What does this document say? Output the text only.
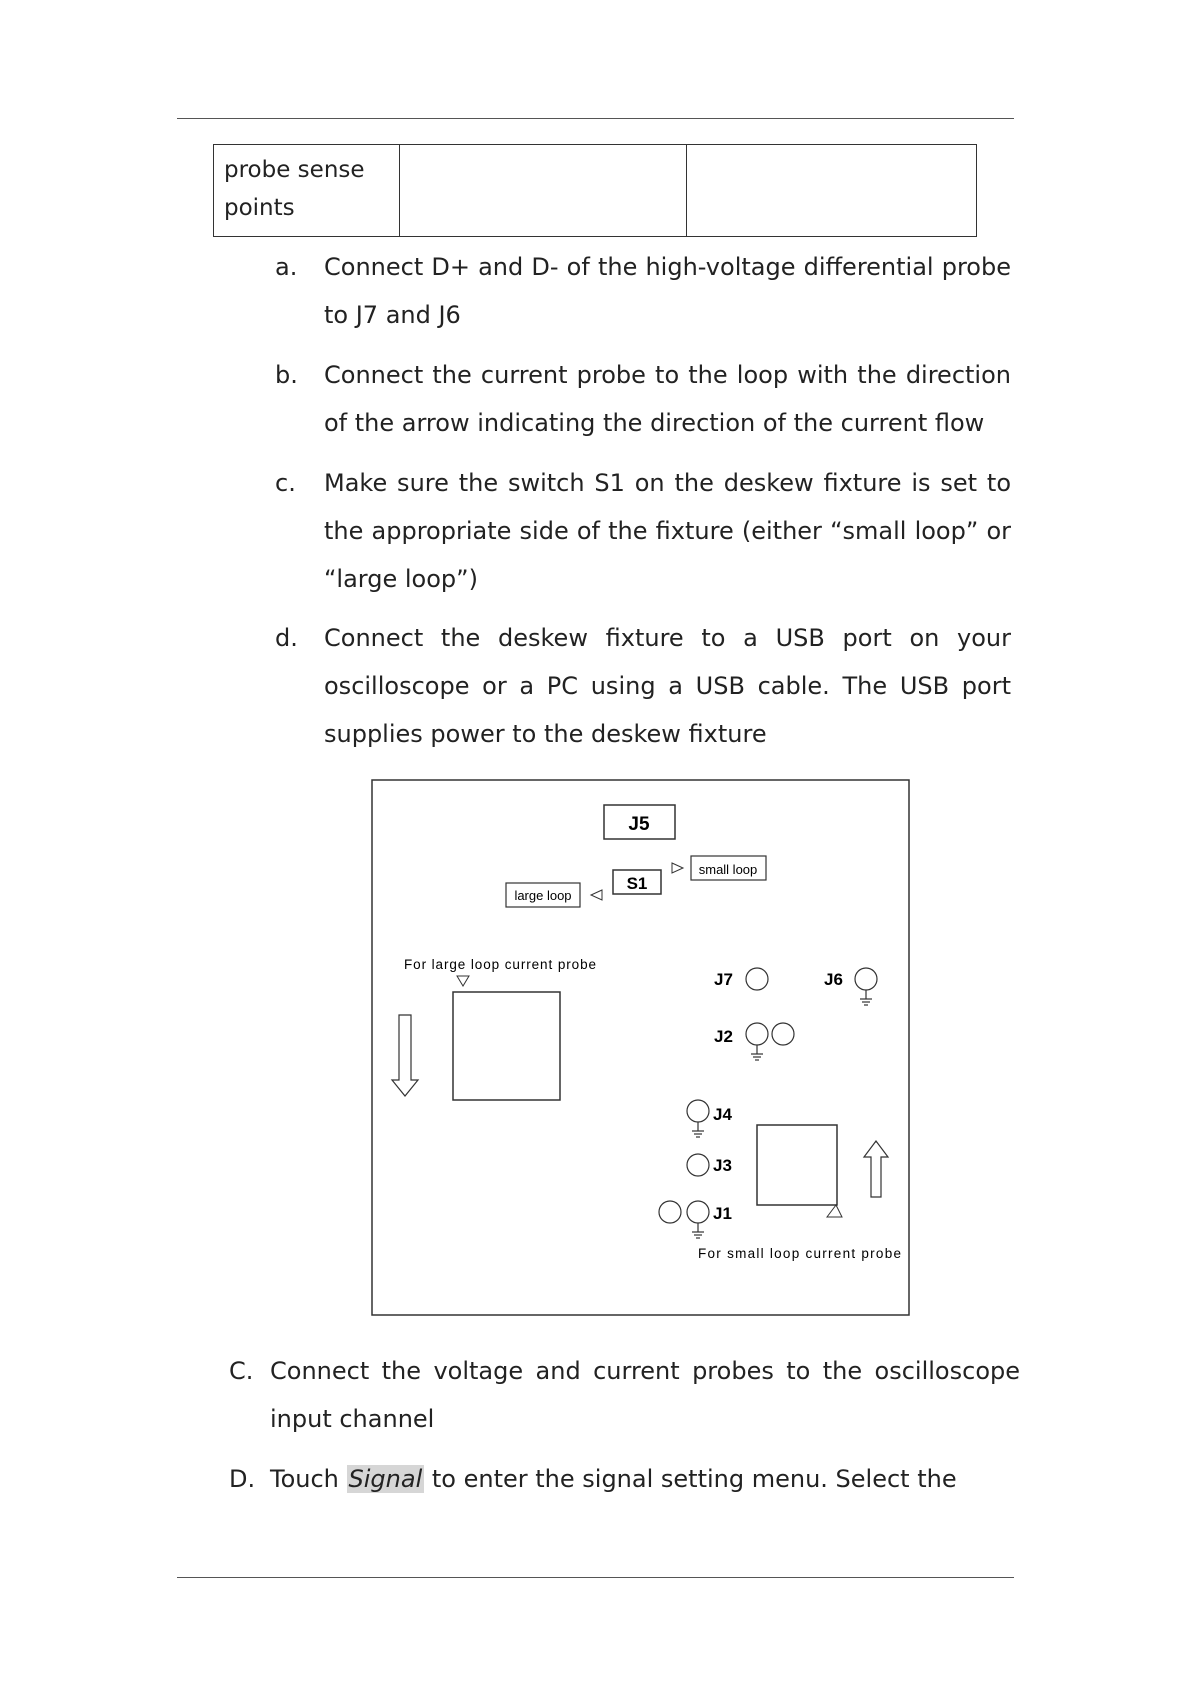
probe sense
points		
a. Connect D+ and D- of the high-voltage differential probe to J7 and J6
b. Connect the current probe to the loop with the direction of the arrow indicating the direction of the current flow
c. Make sure the switch S1 on the deskew fixture is set to the appropriate side of the fixture (either “small loop” or “large loop”)
d. Connect the deskew fixture to a USB port on your oscilloscope or a PC using a USB cable. The USB port supplies power to the deskew fixture
J5
S1
small loop
large loop
For large loop current probe
J7	J6
J2
J4
J3
J1
For small loop current probe
C. Connect the voltage and current probes to the oscilloscope input channel
D. Touch Signal to enter the signal setting menu. Select the
